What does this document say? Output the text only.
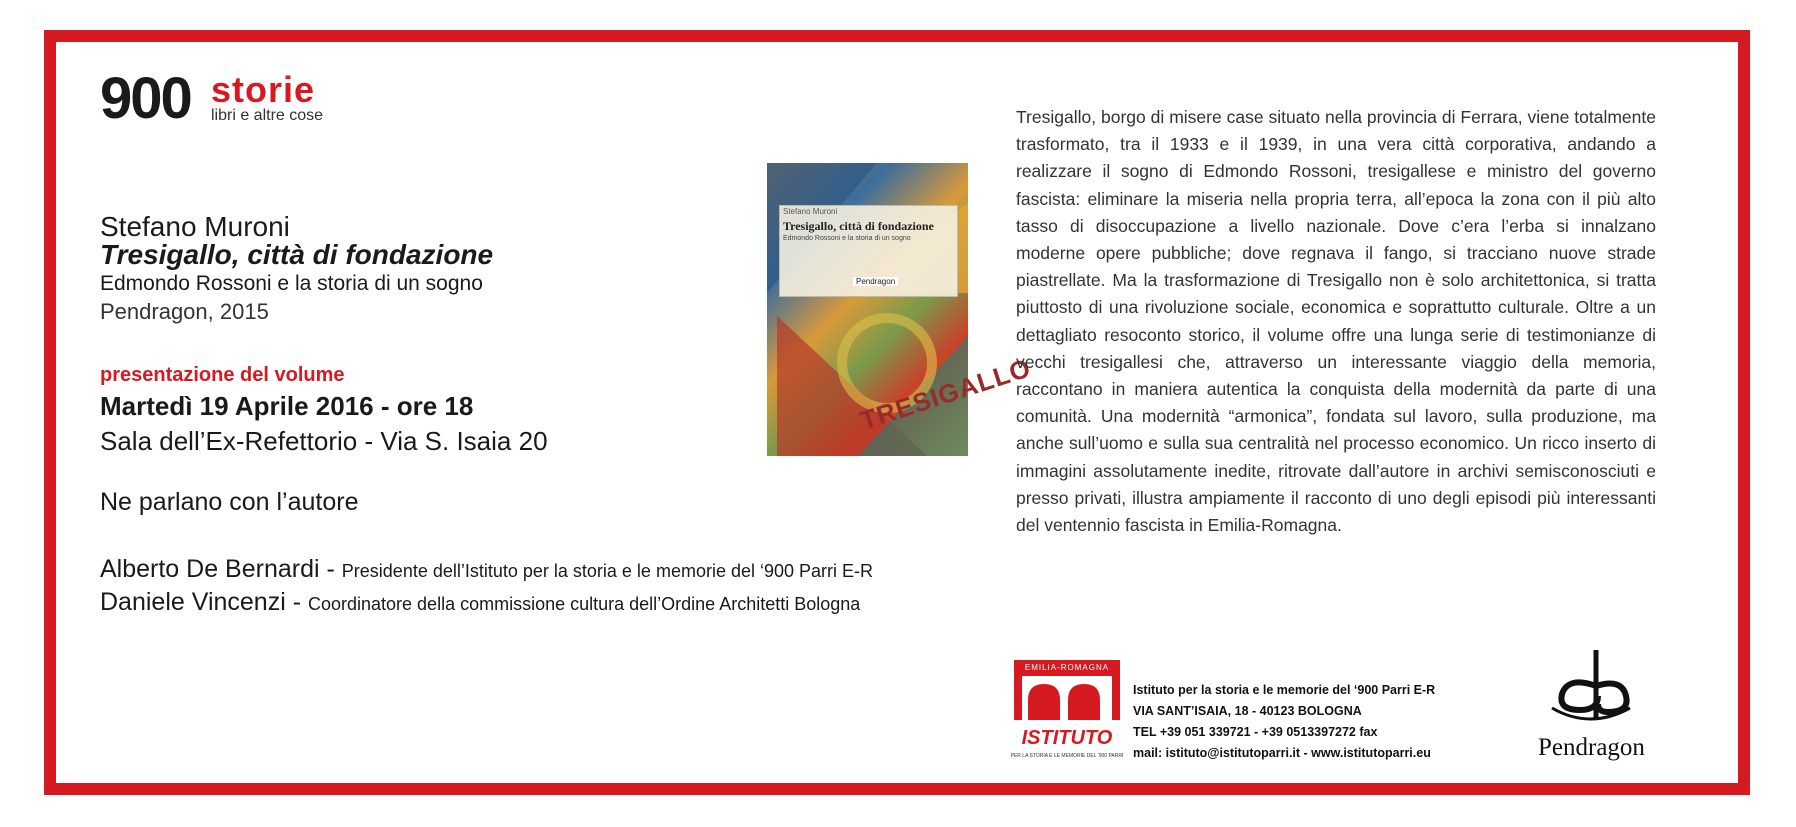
900 storie
libri e altre cose
Stefano Muroni
Tresigallo, città di fondazione
Edmondo Rossoni e la storia di un sogno
Pendragon, 2015
presentazione del volume
Martedì 19 Aprile 2016 - ore 18
Sala dell’Ex-Refettorio - Via S. Isaia 20
Ne parlano con l’autore
Alberto De Bernardi - Presidente dell’Istituto per la storia e le memorie del ‘900 Parri E-R
Daniele Vincenzi - Coordinatore della commissione cultura dell’Ordine Architetti Bologna
Stefano Muroni
Tresigallo, città di fondazione
Edmondo Rossoni e la storia di un sogno
Pendragon
TRESIGALLO
Tresigallo, borgo di misere case situato nella provincia di Ferrara, viene totalmente trasformato, tra il 1933 e il 1939, in una vera città corporativa, andando a realizzare il sogno di Edmondo Rossoni, tresigallese e ministro del governo fascista: eliminare la miseria nella propria terra, all’epoca la zona con il più alto tasso di disoccupazione a livello nazionale. Dove c’era l’erba si innalzano moderne opere pubbliche; dove regnava il fango, si tracciano nuove strade piastrellate. Ma la trasformazione di Tresigallo non è solo architettonica, si tratta piuttosto di una rivoluzione sociale, economica e soprattutto culturale. Oltre a un dettagliato resoconto storico, il volume offre una lunga serie di testimonianze di vecchi tresigallesi che, attraverso un interessante viaggio della memoria, raccontano in maniera autentica la conquista della modernità da parte di una comunità. Una modernità “armonica”, fondata sul lavoro, sulla produzione, ma anche sull’uomo e sulla sua centralità nel processo economico. Un ricco inserto di immagini assolutamente inedite, ritrovate dall’autore in archivi semisconosciuti e presso privati, illustra ampiamente il racconto di uno degli episodi più interessanti del ventennio fascista in Emilia-Romagna.
EMILIA-ROMAGNA
ISTITUTO
PER LA STORIA E LE MEMORIE DEL ‘900 PARRI
Istituto per la storia e le memorie del ‘900 Parri E-R
VIA SANT’ISAIA, 18 - 40123 BOLOGNA
TEL +39 051 339721 - +39 0513397272 fax
mail: istituto@istitutoparri.it - www.istitutoparri.eu	Pendragon
